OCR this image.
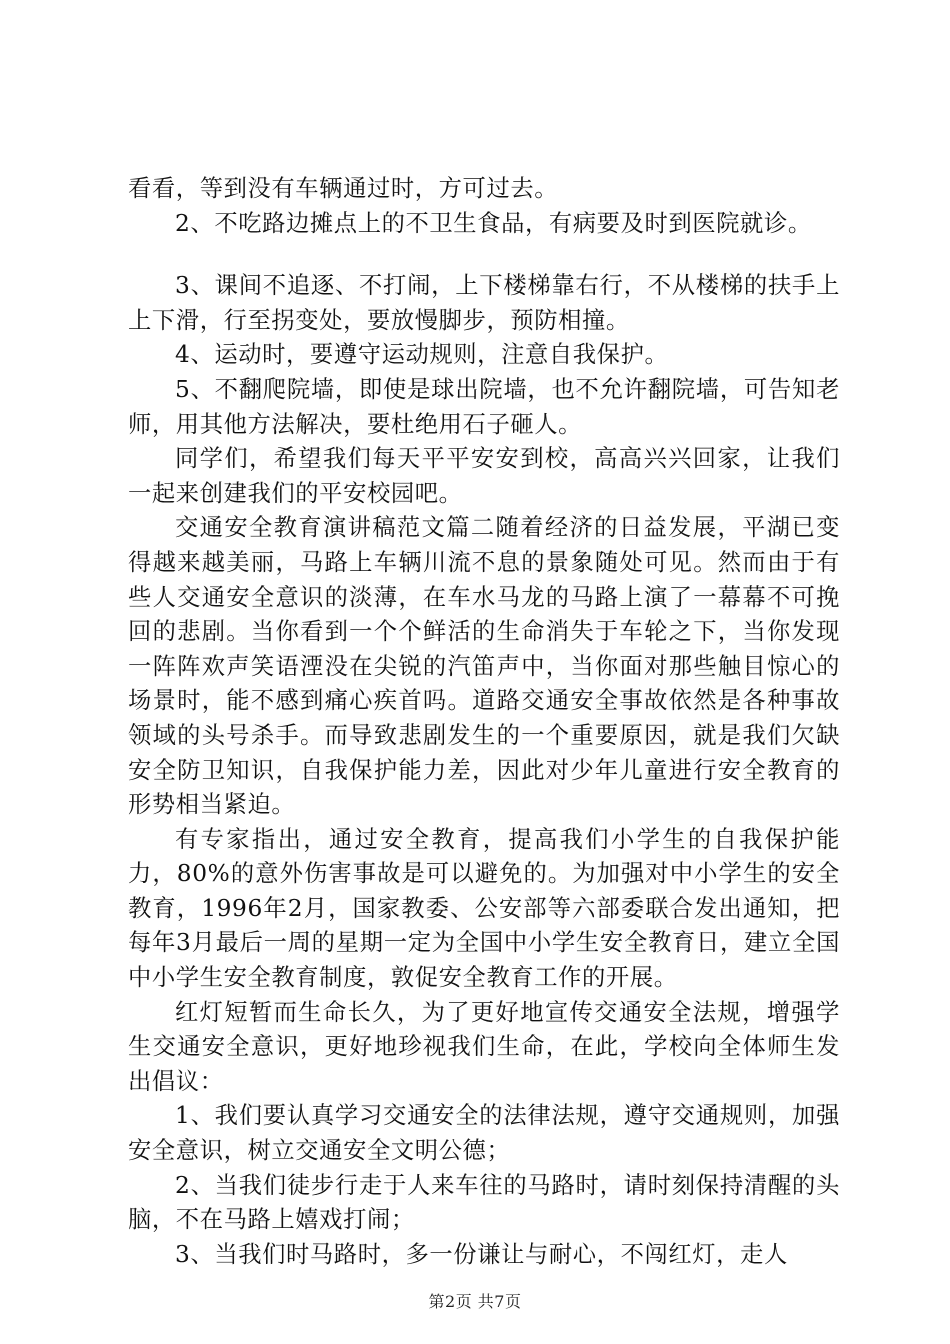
看看，等到没有车辆通过时，方可过去。

2、不吃路边摊点上的不卫生食品，有病要及时到医院就诊。

3、课间不追逐、不打闹，上下楼梯靠右行，不从楼梯的扶手上上下滑，行至拐变处，要放慢脚步，预防相撞。

4、运动时，要遵守运动规则，注意自我保护。

5、不翻爬院墙，即使是球出院墙，也不允许翻院墙，可告知老师，用其他方法解决，要杜绝用石子砸人。

同学们，希望我们每天平平安安到校，高高兴兴回家，让我们一起来创建我们的平安校园吧。

交通安全教育演讲稿范文篇二随着经济的日益发展，平湖已变得越来越美丽，马路上车辆川流不息的景象随处可见。然而由于有些人交通安全意识的淡薄，在车水马龙的马路上演了一幕幕不可挽回的悲剧。当你看到一个个鲜活的生命消失于车轮之下，当你发现一阵阵欢声笑语湮没在尖锐的汽笛声中，当你面对那些触目惊心的场景时，能不感到痛心疾首吗。道路交通安全事故依然是各种事故领域的头号杀手。而导致悲剧发生的一个重要原因，就是我们欠缺安全防卫知识，自我保护能力差，因此对少年儿童进行安全教育的形势相当紧迫。

有专家指出，通过安全教育，提高我们小学生的自我保护能力，80%的意外伤害事故是可以避免的。为加强对中小学生的安全教育，1996年2月，国家教委、公安部等六部委联合发出通知，把每年3月最后一周的星期一定为全国中小学生安全教育日，建立全国中小学生安全教育制度，敦促安全教育工作的开展。

红灯短暂而生命长久，为了更好地宣传交通安全法规，增强学生交通安全意识，更好地珍视我们生命，在此，学校向全体师生发出倡议：

1、我们要认真学习交通安全的法律法规，遵守交通规则，加强安全意识，树立交通安全文明公德；

2、当我们徒步行走于人来车往的马路时，请时刻保持清醒的头脑，不在马路上嬉戏打闹；

3、当我们时马路时，多一份谦让与耐心，不闯红灯，走人

第2页 共7页
